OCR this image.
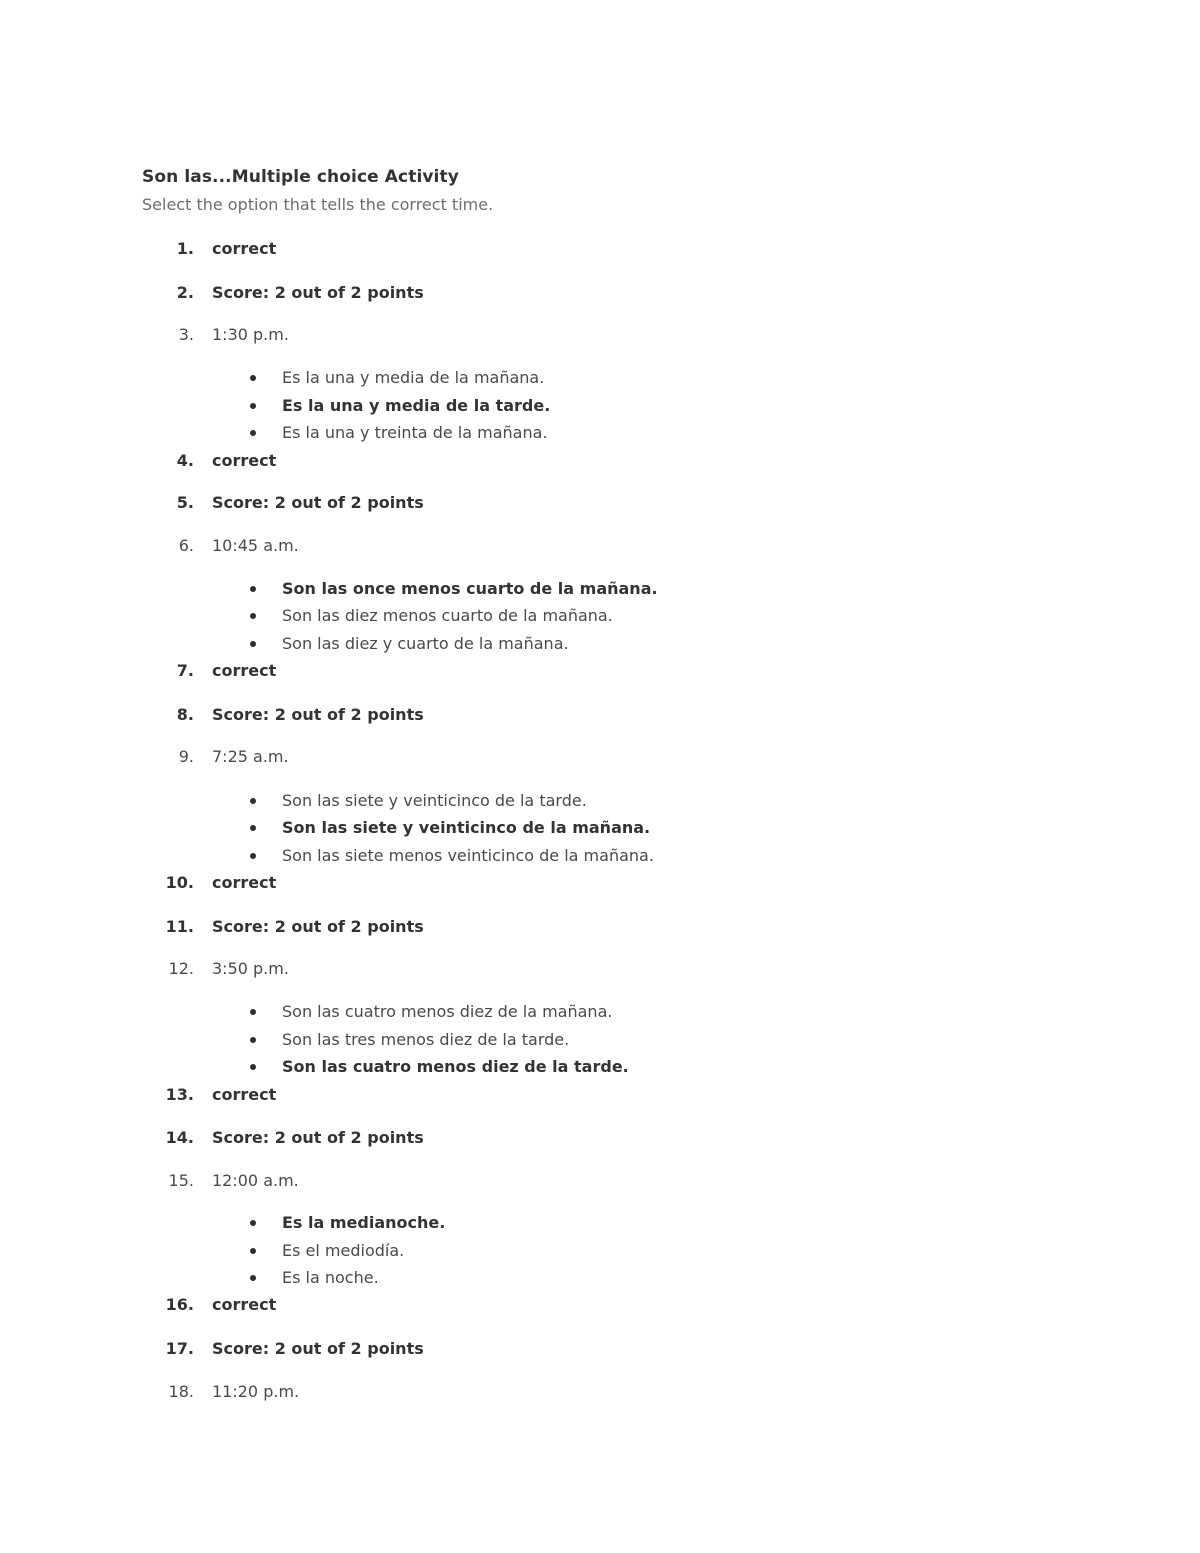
Son las...Multiple choice Activity
Select the option that tells the correct time.
1. correct
2. Score: 2 out of 2 points
3. 1:30 p.m.
Es la una y media de la mañana.
Es la una y media de la tarde.
Es la una y treinta de la mañana.
4. correct
5. Score: 2 out of 2 points
6. 10:45 a.m.
Son las once menos cuarto de la mañana.
Son las diez menos cuarto de la mañana.
Son las diez y cuarto de la mañana.
7. correct
8. Score: 2 out of 2 points
9. 7:25 a.m.
Son las siete y veinticinco de la tarde.
Son las siete y veinticinco de la mañana.
Son las siete menos veinticinco de la mañana.
10. correct
11. Score: 2 out of 2 points
12. 3:50 p.m.
Son las cuatro menos diez de la mañana.
Son las tres menos diez de la tarde.
Son las cuatro menos diez de la tarde.
13. correct
14. Score: 2 out of 2 points
15. 12:00 a.m.
Es la medianoche.
Es el mediodía.
Es la noche.
16. correct
17. Score: 2 out of 2 points
18. 11:20 p.m.
